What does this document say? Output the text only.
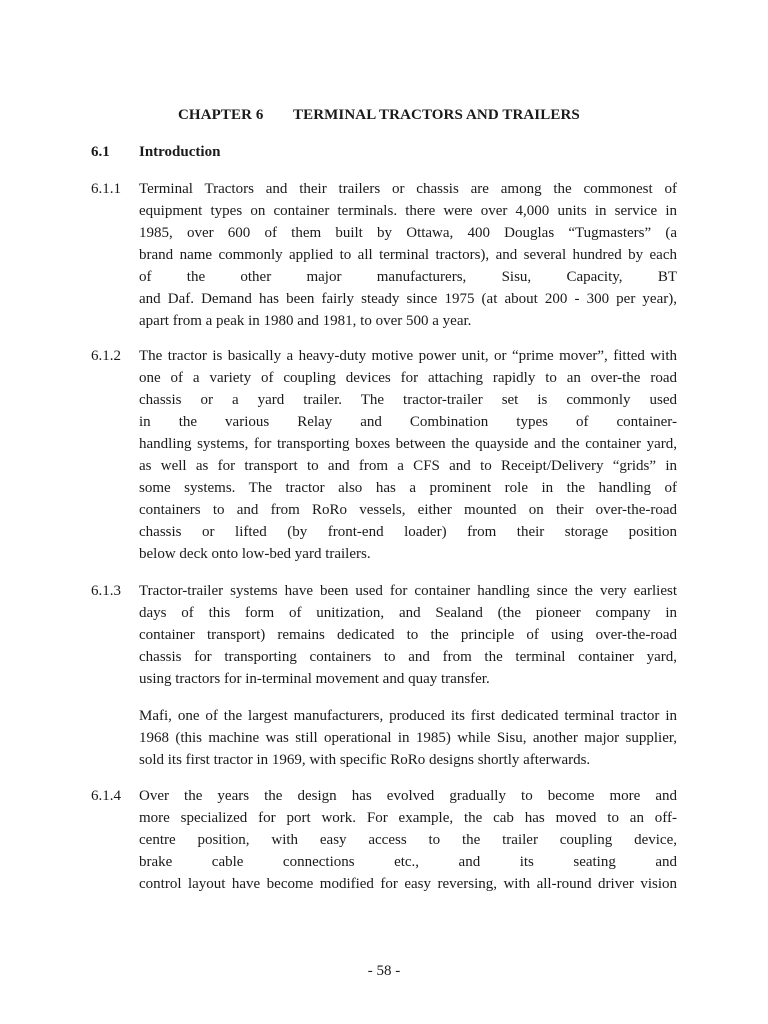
CHAPTER 6 TERMINAL TRACTORS AND TRAILERS
6.1 Introduction
6.1.1 Terminal Tractors and their trailers or chassis are among the commonest of
equipment types on container terminals. there were over 4,000 units in service in
1985, over 600 of them built by Ottawa, 400 Douglas “Tugmasters” (a
brand name commonly applied to all terminal tractors), and several hundred by each
of the other major manufacturers, Sisu, Capacity, BT
and Daf. Demand has been fairly steady since 1975 (at about 200 - 300 per year),
apart from a peak in 1980 and 1981, to over 500 a year.
6.1.2 The tractor is basically a heavy-duty motive power unit, or “prime mover”, fitted with
one of a variety of coupling devices for attaching rapidly to an over-the road
chassis or a yard trailer. The tractor-trailer set is commonly used
in the various Relay and Combination types of container-
handling systems, for transporting boxes between the quayside and the container yard,
as well as for transport to and from a CFS and to Receipt/Delivery “grids” in
some systems. The tractor also has a prominent role in the handling of
containers to and from RoRo vessels, either mounted on their over-the-road
chassis or lifted (by front-end loader) from their storage position
below deck onto low-bed yard trailers.
6.1.3 Tractor-trailer systems have been used for container handling since the very earliest
days of this form of unitization, and Sealand (the pioneer company in
container transport) remains dedicated to the principle of using over-the-road
chassis for transporting containers to and from the terminal container yard,
using tractors for in-terminal movement and quay transfer.
Mafi, one of the largest manufacturers, produced its first dedicated terminal tractor in
1968 (this machine was still operational in 1985) while Sisu, another major supplier,
sold its first tractor in 1969, with specific RoRo designs shortly afterwards.
6.1.4 Over the years the design has evolved gradually to become more and
more specialized for port work. For example, the cab has moved to an off-
centre position, with easy access to the trailer coupling device,
brake cable connections etc., and its seating and
control layout have become modified for easy reversing, with all-round driver vision
- 58 -
